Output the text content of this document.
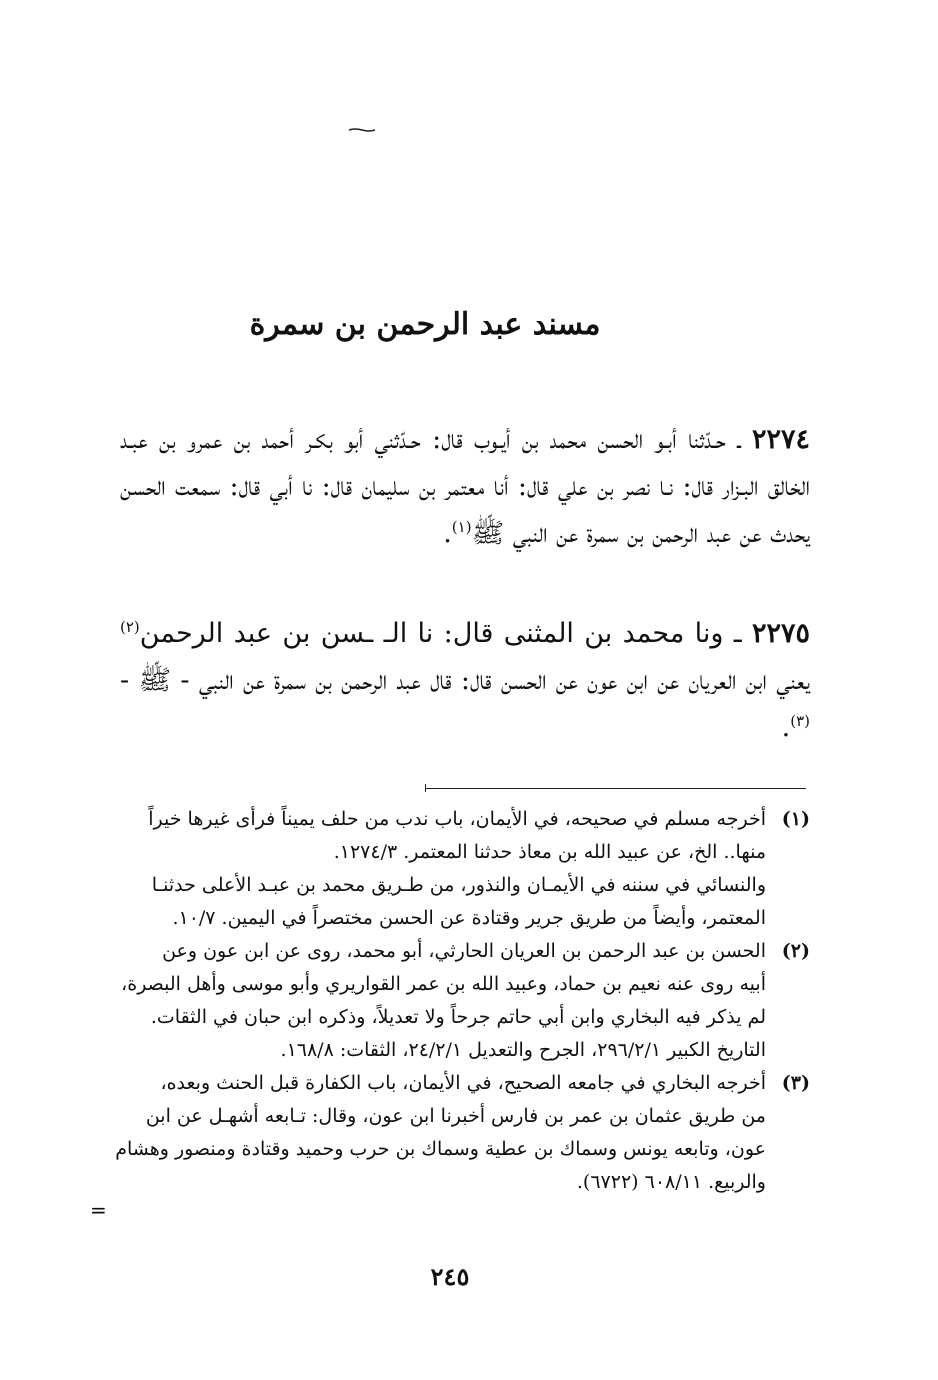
مسند عبد الرحمن بن سمرة

٢٢٧٤ ـ حـدّثنا أبـو الحسن محمد بن أيـوب قال: حـدّثني أبو بكـر أحمد بن عمرو بن عبـد الخالق البـزار قال: نـا نصر بن علي قال: أنا معتمر بن سليمان قال: نا أبي قال: سمعت الحسن يحدث عن عبد الرحمن بن سمرة عن النبي ﷺ$^{(١)}$.

٢٢٧٥ ـ ونا محمد بن المثنى قال: نا الـ ـسن بن عبد الرحمن$^{(٢)}$ يعني ابن العريان عن ابن عون عن الحسن قال: قال عبد الرحمن بن سمرة عن النبي - ﷺ -$^{(٣)}$.

(١)
أخرجه مسلم في صحيحه، في الأيمان، باب ندب من حلف يميناً فرأى غيرها خيراً
منها.. الخ، عن عبيد الله بن معاذ حدثنا المعتمر. ١٢٧٤/٣.
والنسائي في سننه في الأيمـان والنذور، من طـريق محمد بن عبـد الأعلى حدثنـا
المعتمر، وأيضاً من طريق جرير وقتادة عن الحسن مختصراً في اليمين. ١٠/٧.

(٢)
الحسن بن عبد الرحمن بن العريان الحارثي، أبو محمد، روى عن ابن عون وعن
أبيه روى عنه نعيم بن حماد، وعبيد الله بن عمر القواريري وأبو موسى وأهل البصرة،
لم يذكر فيه البخاري وابن أبي حاتم جرحاً ولا تعديلاً، وذكره ابن حبان في الثقات.
التاريخ الكبير ٢٩٦/٢/١، الجرح والتعديل ٢٤/٢/١، الثقات: ١٦٨/٨.

(٣)
أخرجه البخاري في جامعه الصحيح، في الأيمان، باب الكفارة قبل الحنث وبعده،
من طريق عثمان بن عمر بن فارس أخبرنا ابن عون، وقال: تـابعه أشهـل عن ابن
عون، وتابعه يونس وسماك بن عطية وسماك بن حرب وحميد وقتادة ومنصور وهشام
والربيع. ٦٠٨/١١ (٦٧٢٢).

=
٢٤٥
